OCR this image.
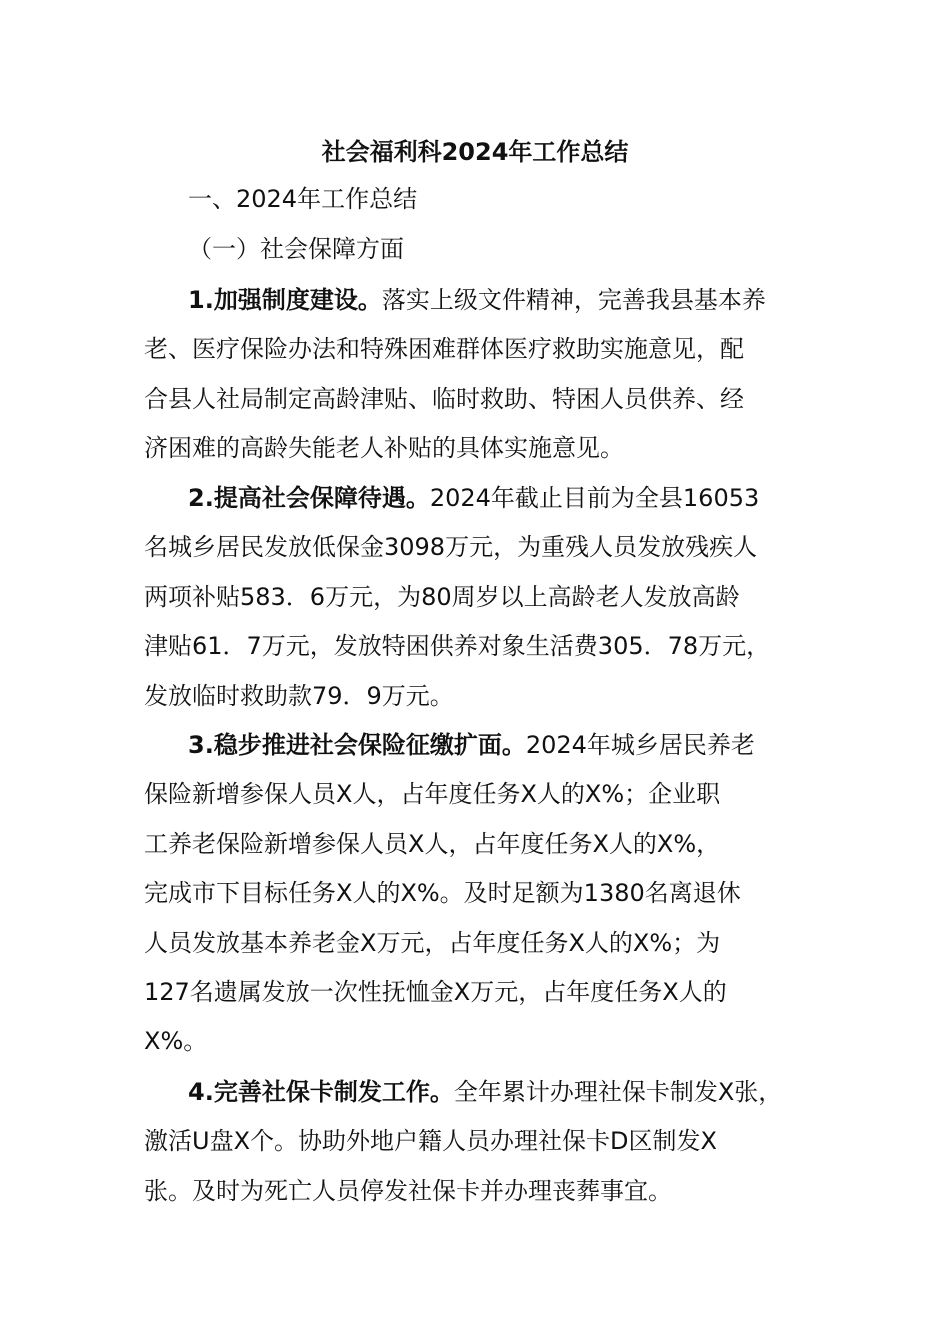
社会福利科2024年工作总结

一、2024年工作总结

（一）社会保障方面

1.加强制度建设。落实上级文件精神，完善我县基本养
老、医疗保险办法和特殊困难群体医疗救助实施意见，配
合县人社局制定高龄津贴、临时救助、特困人员供养、经
济困难的高龄失能老人补贴的具体实施意见。
2.提高社会保障待遇。2024年截止目前为全县16053
名城乡居民发放低保金3098万元，为重残人员发放残疾人
两项补贴583．6万元，为80周岁以上高龄老人发放高龄
津贴61．7万元，发放特困供养对象生活费305．78万元，
发放临时救助款79．9万元。
3.稳步推进社会保险征缴扩面。2024年城乡居民养老
保险新增参保人员X人，占年度任务X人的X%；企业职
工养老保险新增参保人员X人，占年度任务X人的X%，
完成市下目标任务X人的X%。及时足额为1380名离退休
人员发放基本养老金X万元，占年度任务X人的X%；为
127名遗属发放一次性抚恤金X万元，占年度任务X人的
X%。
4.完善社保卡制发工作。全年累计办理社保卡制发X张，
激活U盘X个。协助外地户籍人员办理社保卡D区制发X
张。及时为死亡人员停发社保卡并办理丧葬事宜。
